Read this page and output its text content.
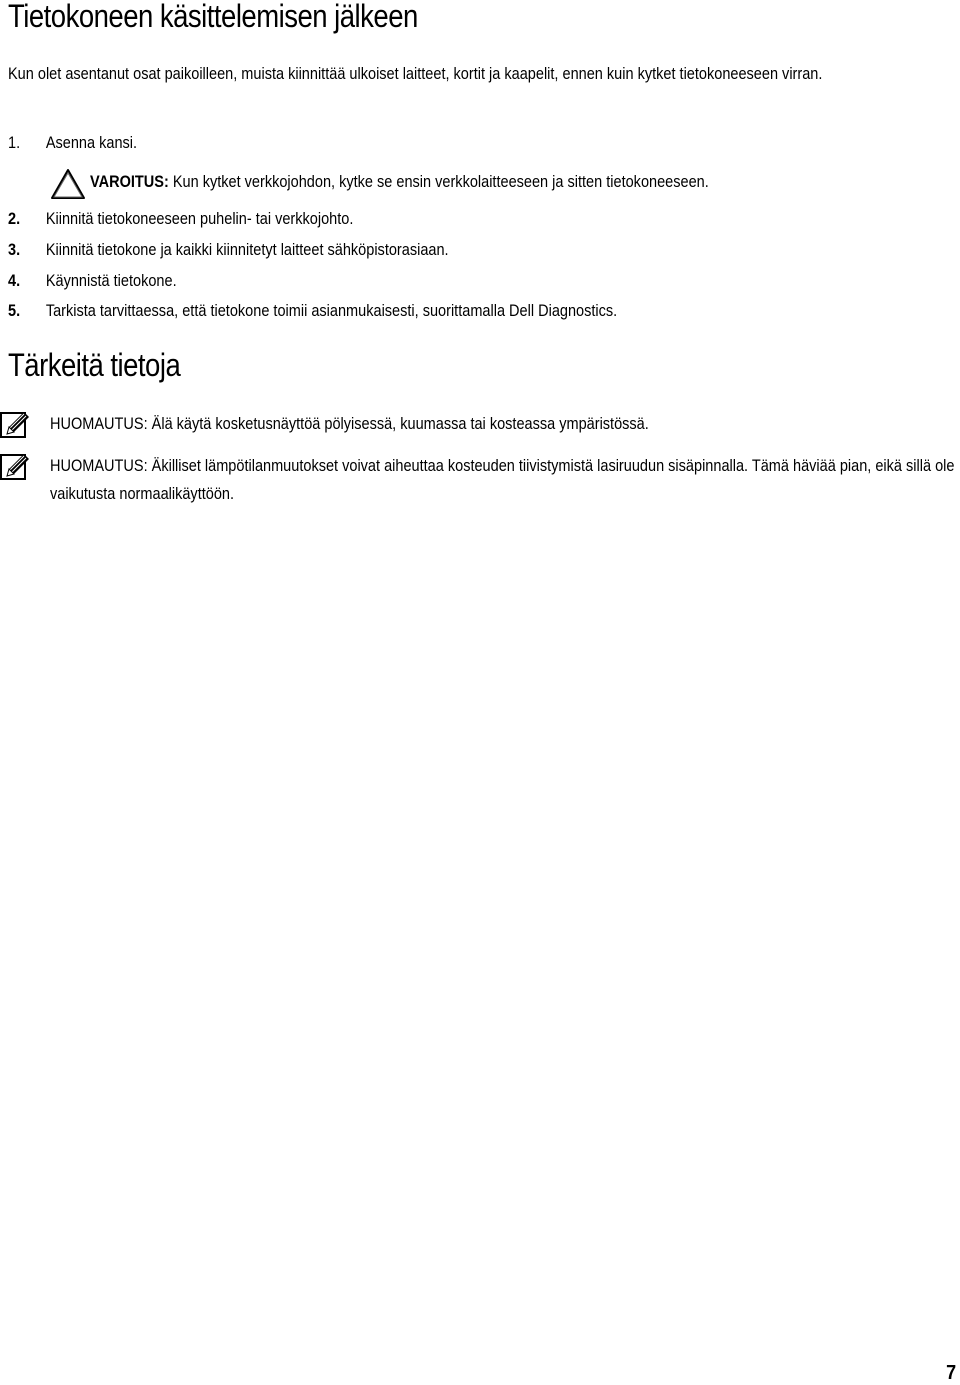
Tietokoneen käsittelemisen jälkeen
Kun olet asentanut osat paikoilleen, muista kiinnittää ulkoiset laitteet, kortit ja kaapelit, ennen kuin kytket tietokoneeseen virran.
1. Asenna kansi.
VAROITUS: Kun kytket verkkojohdon, kytke se ensin verkkolaitteeseen ja sitten tietokoneeseen.
2. Kiinnitä tietokoneeseen puhelin- tai verkkojohto.
3. Kiinnitä tietokone ja kaikki kiinnitetyt laitteet sähköpistorasiaan.
4. Käynnistä tietokone.
5. Tarkista tarvittaessa, että tietokone toimii asianmukaisesti, suorittamalla Dell Diagnostics.
Tärkeitä tietoja
HUOMAUTUS: Älä käytä kosketusnäyttöä pölyisessä, kuumassa tai kosteassa ympäristössä.
HUOMAUTUS: Äkilliset lämpötilanmuutokset voivat aiheuttaa kosteuden tiivistymistä lasiruudun sisäpinnalla. Tämä häviää pian, eikä sillä ole vaikutusta normaalikäyttöön.
7
